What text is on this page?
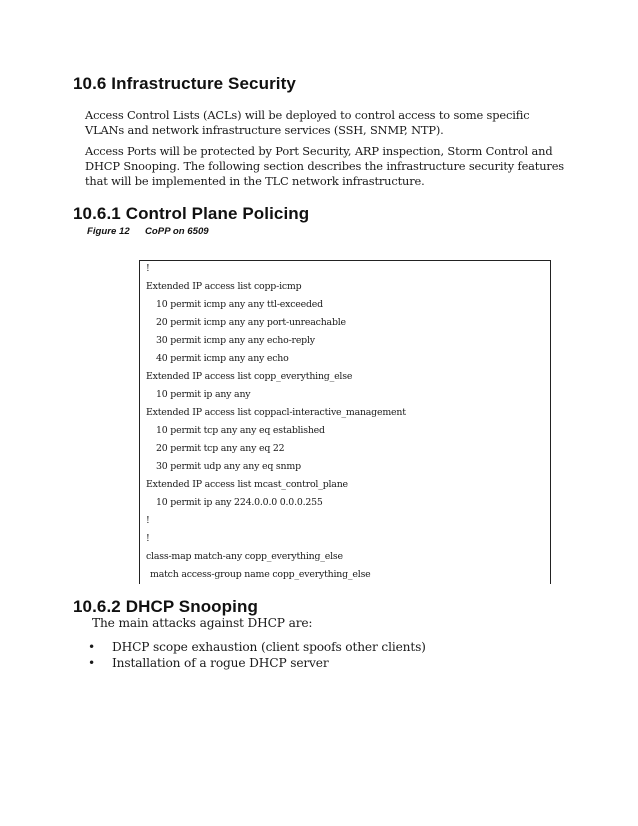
10.6 Infrastructure Security

Access Control Lists (ACLs) will be deployed to control access to some specific VLANs and network infrastructure services (SSH, SNMP, NTP).

Access Ports will be protected by Port Security, ARP inspection, Storm Control and DHCP Snooping. The following section describes the infrastructure security features that will be implemented in the TLC network infrastructure.

10.6.1 Control Plane Policing
Figure 12 CoPP on 6509
!
Extended IP access list copp-icmp
10 permit icmp any any ttl-exceeded
20 permit icmp any any port-unreachable
30 permit icmp any any echo-reply
40 permit icmp any any echo
Extended IP access list copp_everything_else
10 permit ip any any
Extended IP access list coppacl-interactive_management
10 permit tcp any any eq established
20 permit tcp any any eq 22
30 permit udp any any eq snmp
Extended IP access list mcast_control_plane
10 permit ip any 224.0.0.0 0.0.0.255
!
!
class-map match-any copp_everything_else
match access-group name copp_everything_else
10.6.2 DHCP Snooping
The main attacks against DHCP are:
• DHCP scope exhaustion (client spoofs other clients)
• Installation of a rogue DHCP server
